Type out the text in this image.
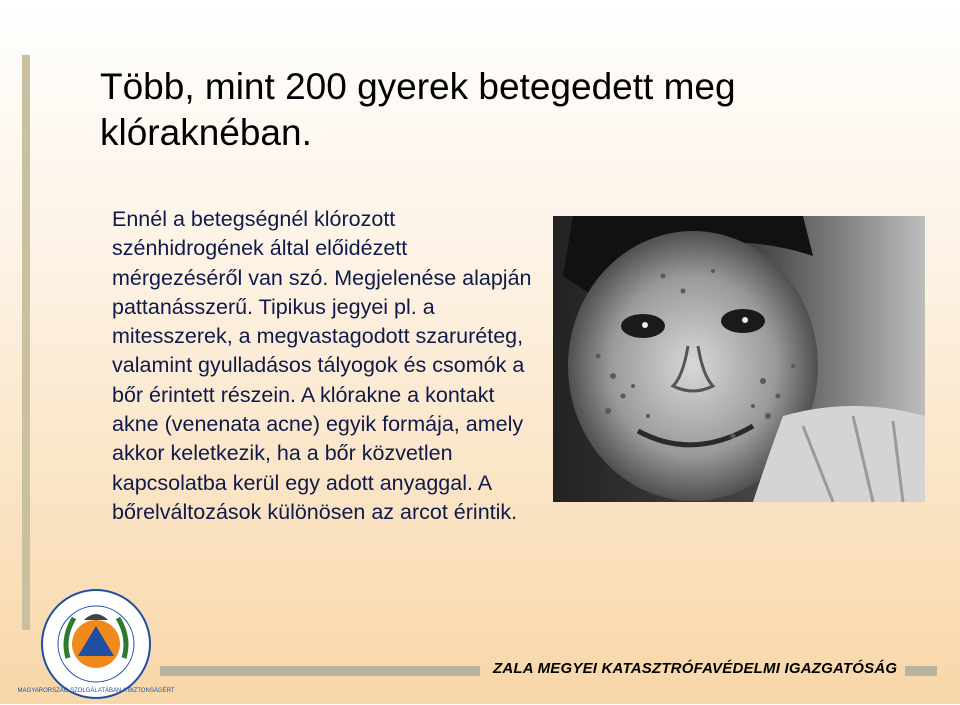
Több, mint 200 gyerek betegedett meg
klóraknéban.
Ennél a betegségnél klórozott szénhidrogének által előidézett mérgezéséről van szó. Megjelenése alapján pattanásszerű. Tipikus jegyei pl. a mitesszerek, a megvastagodott szaruréteg, valamint gyulladásos tályogok és csomók a bőr érintett részein. A klórakne a kontakt akne (venenata acne) egyik formája, amely akkor keletkezik, ha a bőr közvetlen kapcsolatba kerül egy adott anyaggal. A bőrelváltozások különösen az arcot érintik.
MAGYARORSZÁG SZOLGÁLATÁBAN A BIZTONSÁGÉRT
ZALA MEGYEI KATASZTRÓFAVÉDELMI IGAZGATÓSÁG
